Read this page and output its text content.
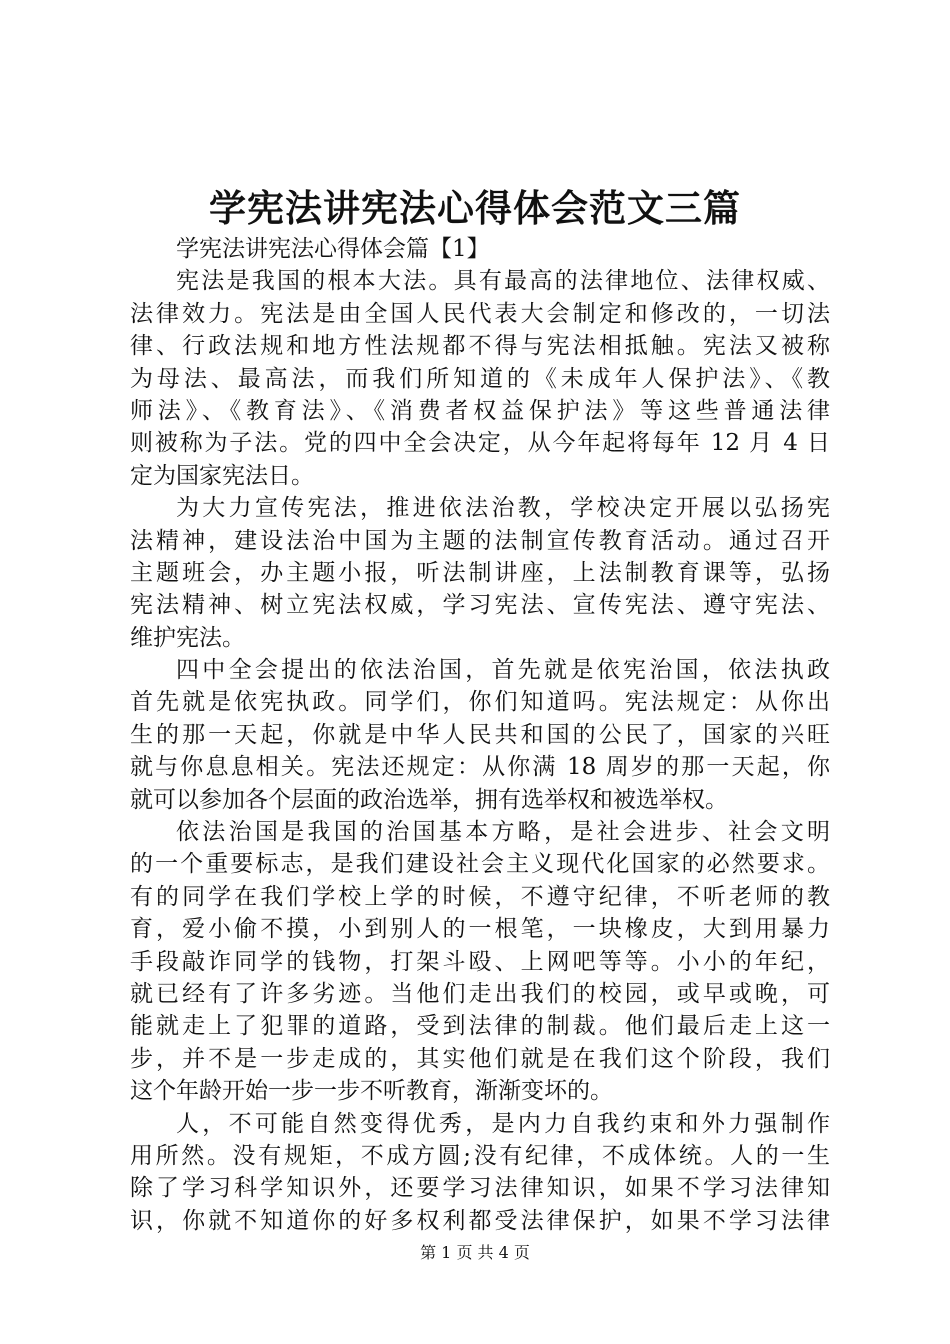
学宪法讲宪法心得体会范文三篇
学宪法讲宪法心得体会篇【1】
宪法是我国的根本大法。具有最高的法律地位、法律权威、
法律效力。宪法是由全国人民代表大会制定和修改的，一切法
律、行政法规和地方性法规都不得与宪法相抵触。宪法又被称
为母法、最高法，而我们所知道的《未成年人保护法》、《教
师法》、《教育法》、《消费者权益保护法》等这些普通法律
则被称为子法。党的四中全会决定，从今年起将每年 12 月 4 日
定为国家宪法日。
为大力宣传宪法，推进依法治教，学校决定开展以弘扬宪
法精神，建设法治中国为主题的法制宣传教育活动。通过召开
主题班会，办主题小报，听法制讲座，上法制教育课等，弘扬
宪法精神、树立宪法权威，学习宪法、宣传宪法、遵守宪法、
维护宪法。
四中全会提出的依法治国，首先就是依宪治国，依法执政
首先就是依宪执政。同学们，你们知道吗。宪法规定：从你出
生的那一天起，你就是中华人民共和国的公民了，国家的兴旺
就与你息息相关。宪法还规定：从你满 18 周岁的那一天起，你
就可以参加各个层面的政治选举，拥有选举权和被选举权。
依法治国是我国的治国基本方略，是社会进步、社会文明
的一个重要标志，是我们建设社会主义现代化国家的必然要求。
有的同学在我们学校上学的时候，不遵守纪律，不听老师的教
育，爱小偷不摸，小到别人的一根笔，一块橡皮，大到用暴力
手段敲诈同学的钱物，打架斗殴、上网吧等等。小小的年纪，
就已经有了许多劣迹。当他们走出我们的校园，或早或晚，可
能就走上了犯罪的道路，受到法律的制裁。他们最后走上这一
步，并不是一步走成的，其实他们就是在我们这个阶段，我们
这个年龄开始一步一步不听教育，渐渐变坏的。
人，不可能自然变得优秀，是内力自我约束和外力强制作
用所然。没有规矩，不成方圆;没有纪律，不成体统。人的一生
除了学习科学知识外，还要学习法律知识，如果不学习法律知
识，你就不知道你的好多权利都受法律保护，如果不学习法律
第 1 页 共 4 页
